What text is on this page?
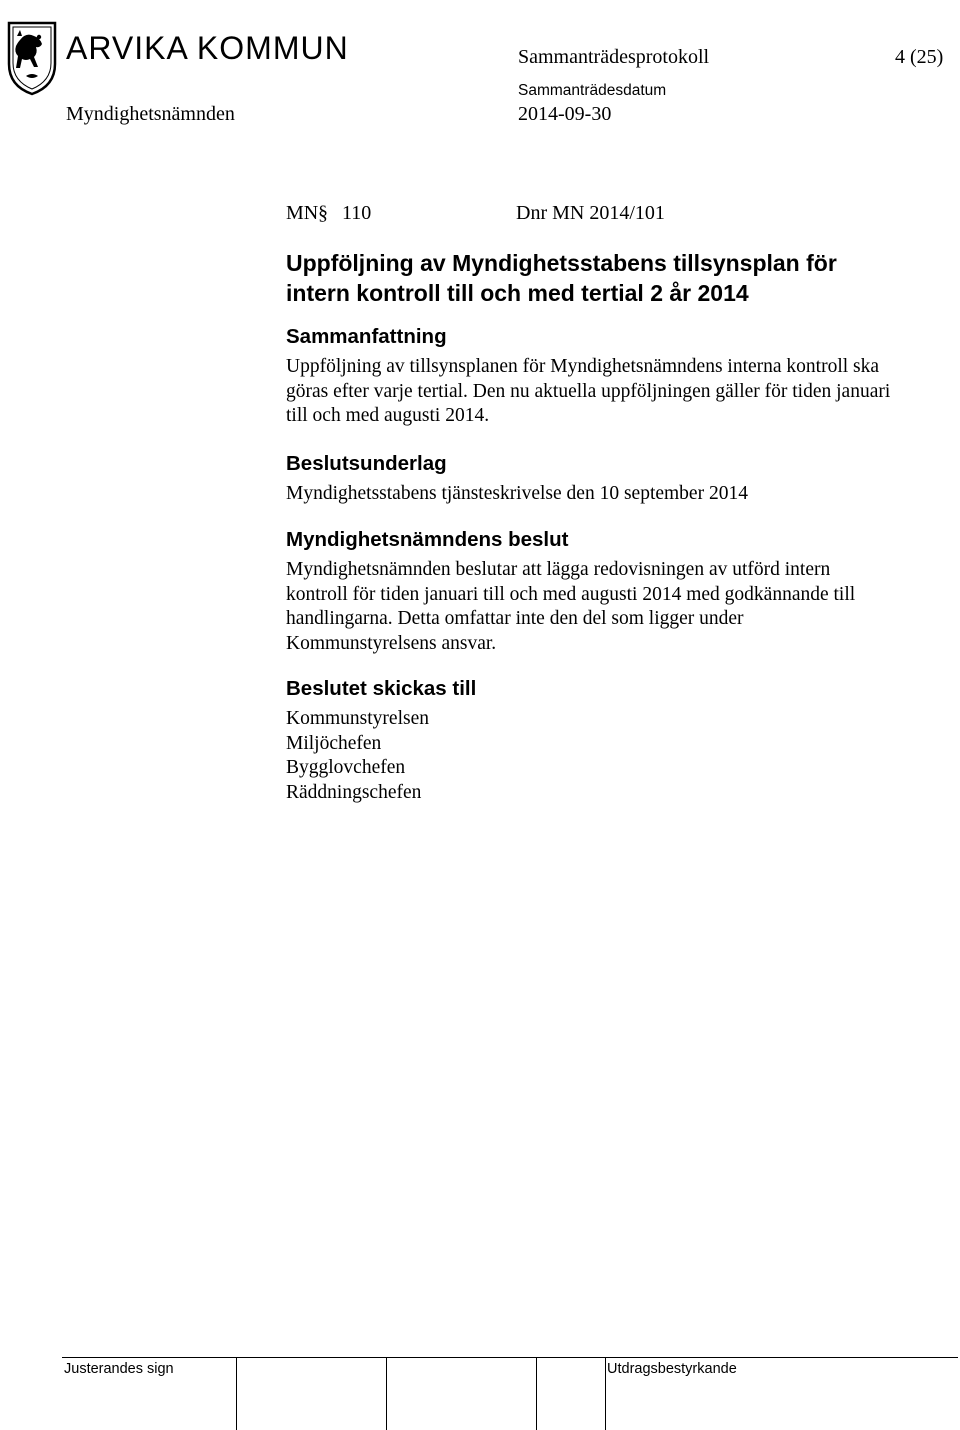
ARVIKA KOMMUN	Sammanträdesprotokoll	4 (25)
Sammanträdesdatum
Myndighetsnämnden	2014-09-30
MN § 110	Dnr MN 2014/101
Uppföljning av Myndighetsstabens tillsynsplan för
intern kontroll till och med tertial 2 år 2014
Sammanfattning
Uppföljning av tillsynsplanen för Myndighetsnämndens interna kontroll ska
göras efter varje tertial. Den nu aktuella uppföljningen gäller för tiden januari
till och med augusti 2014.
Beslutsunderlag
Myndighetsstabens tjänsteskrivelse den 10 september 2014
Myndighetsnämndens beslut
Myndighetsnämnden beslutar att lägga redovisningen av utförd intern
kontroll för tiden januari till och med augusti 2014 med godkännande till
handlingarna. Detta omfattar inte den del som ligger under
Kommunstyrelsens ansvar.
Beslutet skickas till
Kommunstyrelsen
Miljöchefen
Bygglovchefen
Räddningschefen
Justerandes sign	Utdragsbestyrkande
